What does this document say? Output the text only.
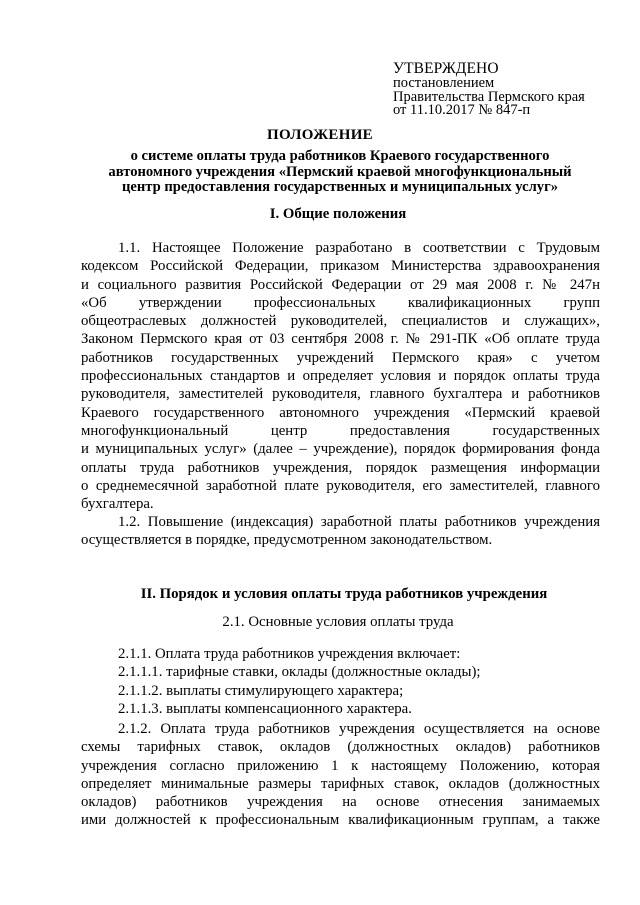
УТВЕРЖДЕНО
постановлением
Правительства Пермского края
от 11.10.2017 № 847-п
ПОЛОЖЕНИЕ
о системе оплаты труда работников Краевого государственного
автономного учреждения «Пермский краевой многофункциональный
центр предоставления государственных и муниципальных услуг»
I. Общие положения
1.1. Настоящее Положение разработано в соответствии с Трудовым
кодексом Российской Федерации, приказом Министерства здравоохранения
и социального развития Российской Федерации от 29 мая 2008 г. № 247н
«Об утверждении профессиональных квалификационных групп
общеотраслевых должностей руководителей, специалистов и служащих»,
Законом Пермского края от 03 сентября 2008 г. № 291-ПК «Об оплате труда
работников государственных учреждений Пермского края» с учетом
профессиональных стандартов и определяет условия и порядок оплаты труда
руководителя, заместителей руководителя, главного бухгалтера и работников
Краевого государственного автономного учреждения «Пермский краевой
многофункциональный центр предоставления государственных
и муниципальных услуг» (далее – учреждение), порядок формирования фонда
оплаты труда работников учреждения, порядок размещения информации
о среднемесячной заработной плате руководителя, его заместителей, главного
бухгалтера.
1.2. Повышение (индексация) заработной платы работников учреждения
осуществляется в порядке, предусмотренном законодательством.
II. Порядок и условия оплаты труда работников учреждения
2.1. Основные условия оплаты труда
2.1.1. Оплата труда работников учреждения включает:
2.1.1.1. тарифные ставки, оклады (должностные оклады);
2.1.1.2. выплаты стимулирующего характера;
2.1.1.3. выплаты компенсационного характера.
2.1.2. Оплата труда работников учреждения осуществляется на основе
схемы тарифных ставок, окладов (должностных окладов) работников
учреждения согласно приложению 1 к настоящему Положению, которая
определяет минимальные размеры тарифных ставок, окладов (должностных
окладов) работников учреждения на основе отнесения занимаемых
ими должностей к профессиональным квалификационным группам, а также
